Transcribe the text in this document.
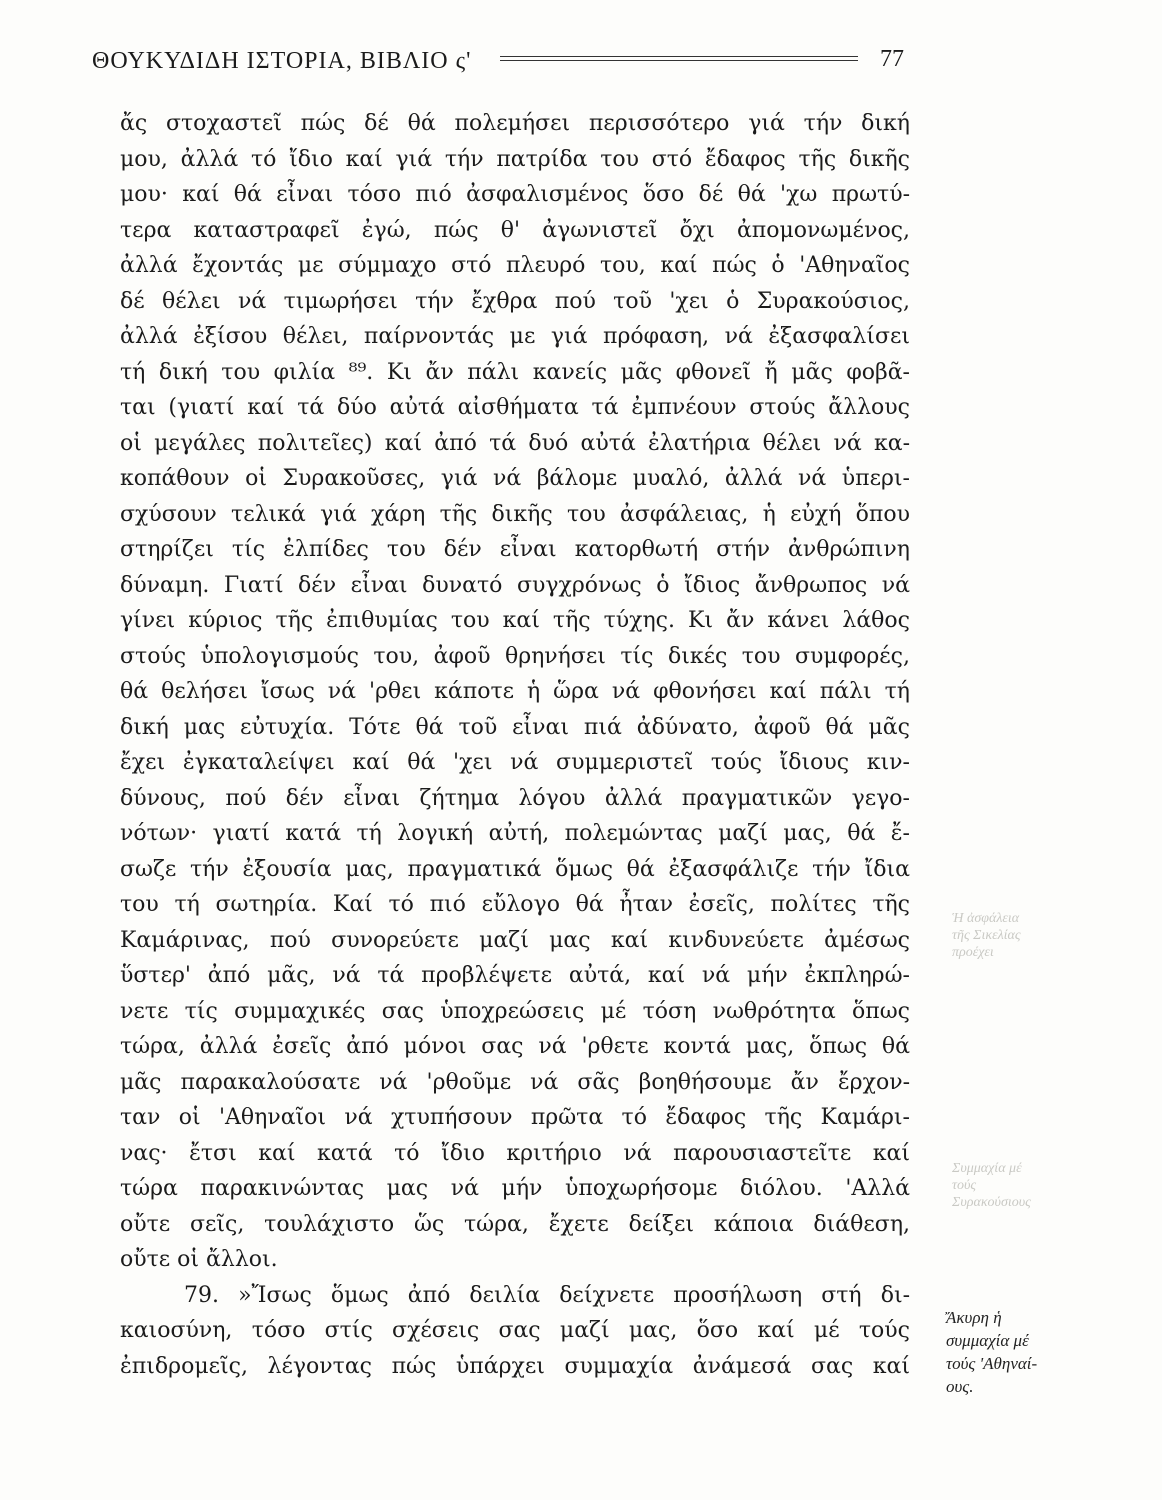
ΘΟΥΚΥΔΙΔΗ ΙΣΤΟΡΙΑ, ΒΙΒΛΙΟ ς'	77
Ἡ ἀσφάλεια τῆς Σικελίας προέχει
Συμμαχία μέ τούς Συρακούσιους
ἄς στοχαστεῖ πώς δέ θά πολεμήσει περισσότερο γιά τήν δική
μου, ἀλλά τό ἴδιο καί γιά τήν πατρίδα του στό ἔδαφος τῆς δικῆς
μου· καί θά εἶναι τόσο πιό ἀσφαλισμένος ὅσο δέ θά 'χω πρωτύ-
τερα καταστραφεῖ ἐγώ, πώς θ' ἀγωνιστεῖ ὄχι ἀπομονωμένος,
ἀλλά ἔχοντάς με σύμμαχο στό πλευρό του, καί πώς ὁ 'Αθηναῖος
δέ θέλει νά τιμωρήσει τήν ἔχθρα πού τοῦ 'χει ὁ Συρακούσιος,
ἀλλά ἐξίσου θέλει, παίρνοντάς με γιά πρόφαση, νά ἐξασφαλίσει
τή δική του φιλία ⁸⁹. Κι ἄν πάλι κανείς μᾶς φθονεῖ ἤ μᾶς φοβᾶ-
ται (γιατί καί τά δύο αὐτά αἰσθήματα τά ἐμπνέουν στούς ἄλλους
οἱ μεγάλες πολιτεῖες) καί ἀπό τά δυό αὐτά ἐλατήρια θέλει νά κα-
κοπάθουν οἱ Συρακοῦσες, γιά νά βάλομε μυαλό, ἀλλά νά ὑπερι-
σχύσουν τελικά γιά χάρη τῆς δικῆς του ἀσφάλειας, ἡ εὐχή ὅπου
στηρίζει τίς ἐλπίδες του δέν εἶναι κατορθωτή στήν ἀνθρώπινη
δύναμη. Γιατί δέν εἶναι δυνατό συγχρόνως ὁ ἴδιος ἄνθρωπος νά
γίνει κύριος τῆς ἐπιθυμίας του καί τῆς τύχης. Κι ἄν κάνει λάθος
στούς ὑπολογισμούς του, ἀφοῦ θρηνήσει τίς δικές του συμφορές,
θά θελήσει ἴσως νά 'ρθει κάποτε ἡ ὥρα νά φθονήσει καί πάλι τή
δική μας εὐτυχία. Τότε θά τοῦ εἶναι πιά ἀδύνατο, ἀφοῦ θά μᾶς
ἔχει ἐγκαταλείψει καί θά 'χει νά συμμεριστεῖ τούς ἴδιους κιν-
δύνους, πού δέν εἶναι ζήτημα λόγου ἀλλά πραγματικῶν γεγο-
νότων· γιατί κατά τή λογική αὐτή, πολεμώντας μαζί μας, θά ἔ-
σωζε τήν ἐξουσία μας, πραγματικά ὅμως θά ἐξασφάλιζε τήν ἴδια
του τή σωτηρία. Καί τό πιό εὔλογο θά ἦταν ἐσεῖς, πολίτες τῆς
Καμάρινας, πού συνορεύετε μαζί μας καί κινδυνεύετε ἀμέσως
ὕστερ' ἀπό μᾶς, νά τά προβλέψετε αὐτά, καί νά μήν ἐκπληρώ-
νετε τίς συμμαχικές σας ὑποχρεώσεις μέ τόση νωθρότητα ὅπως
τώρα, ἀλλά ἐσεῖς ἀπό μόνοι σας νά 'ρθετε κοντά μας, ὅπως θά
μᾶς παρακαλούσατε νά 'ρθοῦμε νά σᾶς βοηθήσουμε ἄν ἔρχον-
ταν οἱ 'Αθηναῖοι νά χτυπήσουν πρῶτα τό ἔδαφος τῆς Καμάρι-
νας· ἔτσι καί κατά τό ἴδιο κριτήριο νά παρουσιαστεῖτε καί
τώρα παρακινώντας μας νά μήν ὑποχωρήσομε διόλου. 'Αλλά
οὔτε σεῖς, τουλάχιστο ὥς τώρα, ἔχετε δείξει κάποια διάθεση,
οὔτε οἱ ἄλλοι.
79. »Ἴσως ὅμως ἀπό δειλία δείχνετε προσήλωση στή δι-
καιοσύνη, τόσο στίς σχέσεις σας μαζί μας, ὅσο καί μέ τούς
ἐπιδρομεῖς, λέγοντας πώς ὑπάρχει συμμαχία ἀνάμεσά σας καί
Ἄκυρη ἡ
συμμαχία μέ
τούς 'Αθηναί-
ους.
